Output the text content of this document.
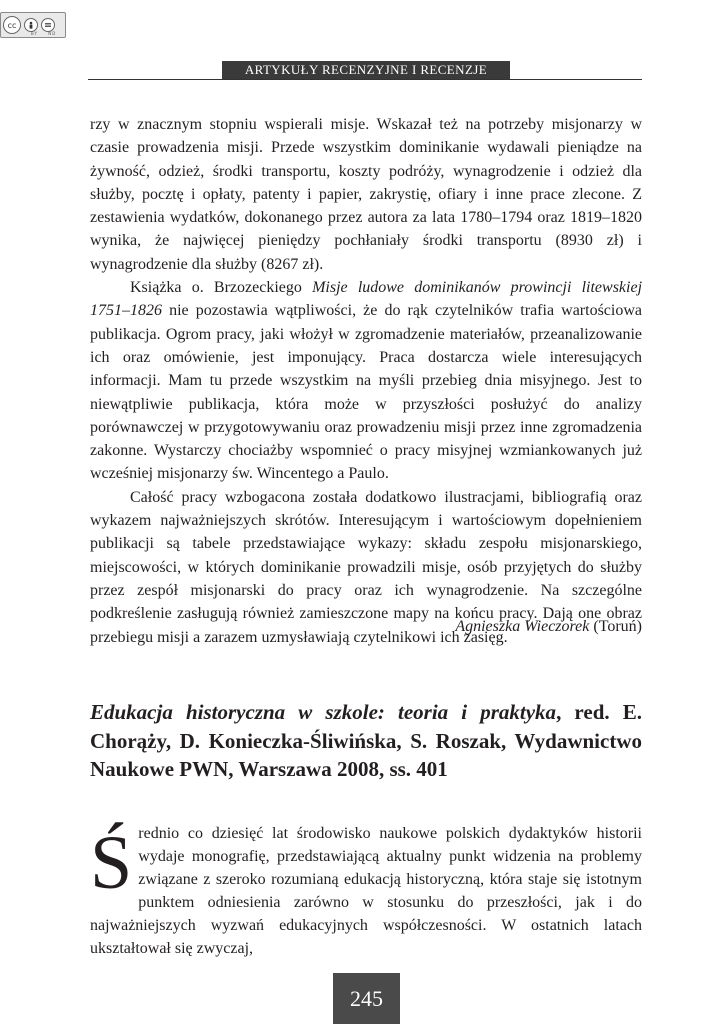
cc
BY	ND
ARTYKUŁY RECENZYJNE I RECENZJE

rzy w znacznym stopniu wspierali misje. Wskazał też na potrzeby misjonarzy w czasie prowadzenia misji. Przede wszystkim dominikanie wydawali pieniądze na żywność, odzież, środki transportu, koszty podróży, wynagrodzenie i odzież dla służby, pocztę i opłaty, patenty i papier, zakrystię, ofiary i inne prace zlecone. Z zestawienia wydatków, dokonanego przez autora za lata 1780–1794 oraz 1819–1820 wynika, że najwięcej pieniędzy pochłaniały środki transportu (8930 zł) i wynagrodzenie dla służby (8267 zł).

Książka o. Brzozeckiego Misje ludowe dominikanów prowincji litewskiej 1751–1826 nie pozostawia wątpliwości, że do rąk czytelników trafia wartościowa publikacja. Ogrom pracy, jaki włożył w zgromadzenie materiałów, przeanalizowanie ich oraz omówienie, jest imponujący. Praca dostarcza wiele interesujących informacji. Mam tu przede wszystkim na myśli przebieg dnia misyjnego. Jest to niewątpliwie publikacja, która może w przyszłości posłużyć do analizy porównawczej w przygotowywaniu oraz prowadzeniu misji przez inne zgromadzenia zakonne. Wystarczy chociażby wspomnieć o pracy misyjnej wzmiankowanych już wcześniej misjonarzy św. Wincentego a Paulo.

Całość pracy wzbogacona została dodatkowo ilustracjami, bibliografią oraz wykazem najważniejszych skrótów. Interesującym i wartościowym dopełnieniem publikacji są tabele przedstawiające wykazy: składu zespołu misjonarskiego, miejscowości, w których dominikanie prowadzili misje, osób przyjętych do służby przez zespół misjonarski do pracy oraz ich wynagrodzenie. Na szczególne podkreślenie zasługują również zamieszczone mapy na końcu pracy. Dają one obraz przebiegu misji a zarazem uzmysławiają czytelnikowi ich zasięg.

Agnieszka Wieczorek (Toruń)
Edukacja historyczna w szkole: teoria i praktyka, red. E. Chorąży, D. Konieczka-Śliwińska, S. Roszak, Wydawnictwo Naukowe PWN, Warszawa 2008, ss. 401
Ś rednio co dziesięć lat środowisko naukowe polskich dydaktyków historii wydaje monografię, przedstawiającą aktualny punkt widzenia na problemy związane z szeroko rozumianą edukacją historyczną, która staje się istotnym punktem odniesienia zarówno w stosunku do przeszłości, jak i do najważniejszych wyzwań edukacyjnych współczesności. W ostatnich latach ukształtował się zwyczaj,
245
